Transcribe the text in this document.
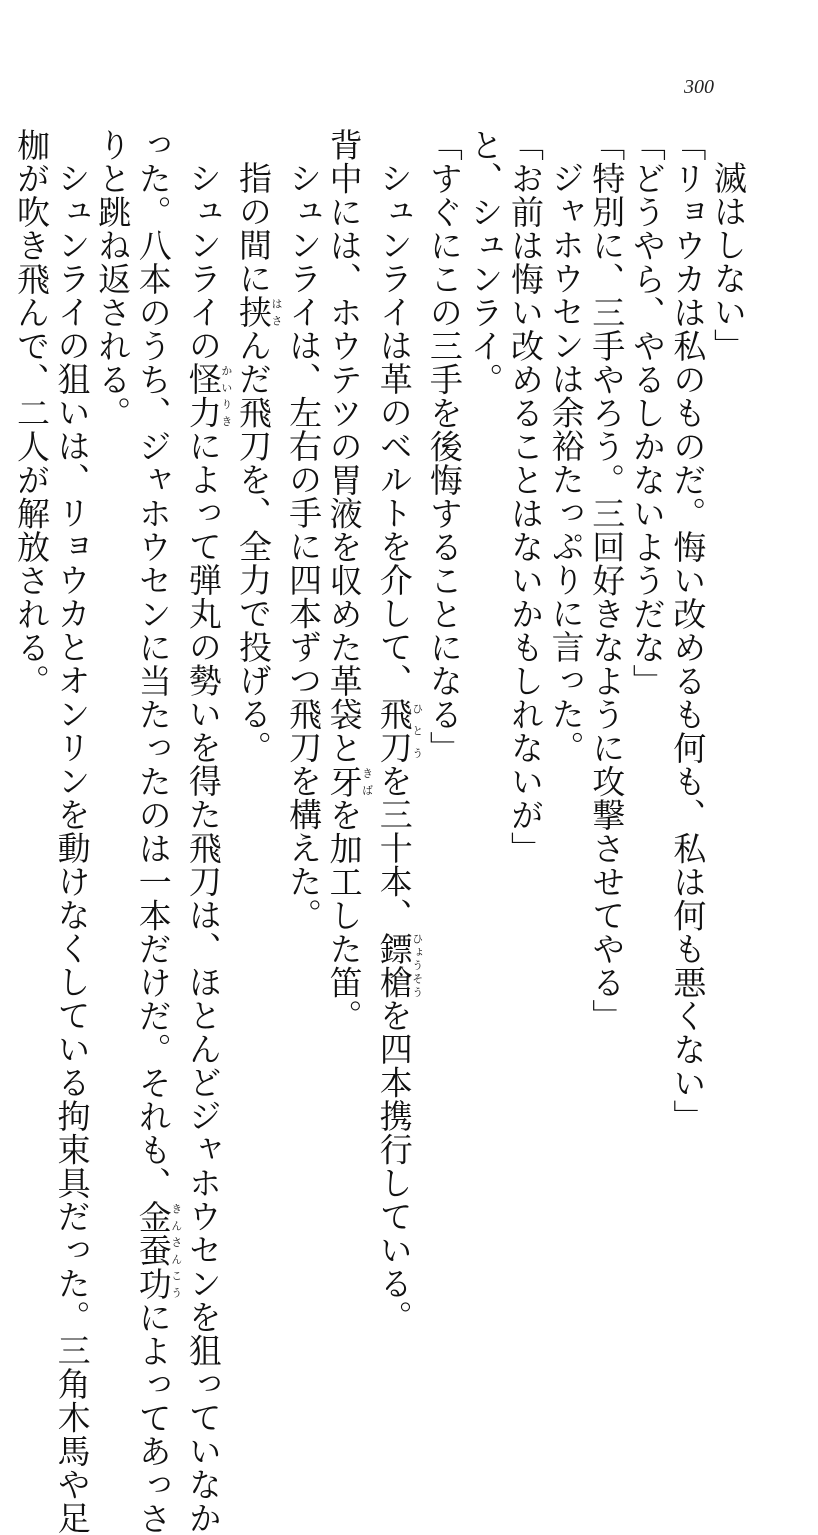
300

滅はしない」

「リョウカは私のものだ。悔い改めるも何も、私は何も悪くない」

「どうやら、やるしかないようだな」

「特別に、三手やろう。三回好きなように攻撃させてやる」

ジャホウセンは余裕たっぷりに言った。

「お前は悔い改めることはないかもしれないが」

と、シュンライ。

「すぐにこの三手を後悔することになる」

シュンライは革のベルトを介して、飛刀ひとうを三十本、鏢槍ひょうそうを四本携行している。

背中には、ホウテツの胃液を収めた革袋と牙きばを加工した笛。

シュンライは、左右の手に四本ずつ飛刀を構えた。

指の間に挟はさんだ飛刀を、全力で投げる。

シュンライの怪力かいりきによって弾丸の勢いを得た飛刀は、ほとんどジャホウセンを狙っていなか

った。八本のうち、ジャホウセンに当たったのは一本だけだ。それも、金蚕功きんさんこうによってあっさ

りと跳ね返される。

シュンライの狙いは、リョウカとオンリンを動けなくしている拘束具だった。三角木馬や足

枷が吹き飛んで、二人が解放される。
